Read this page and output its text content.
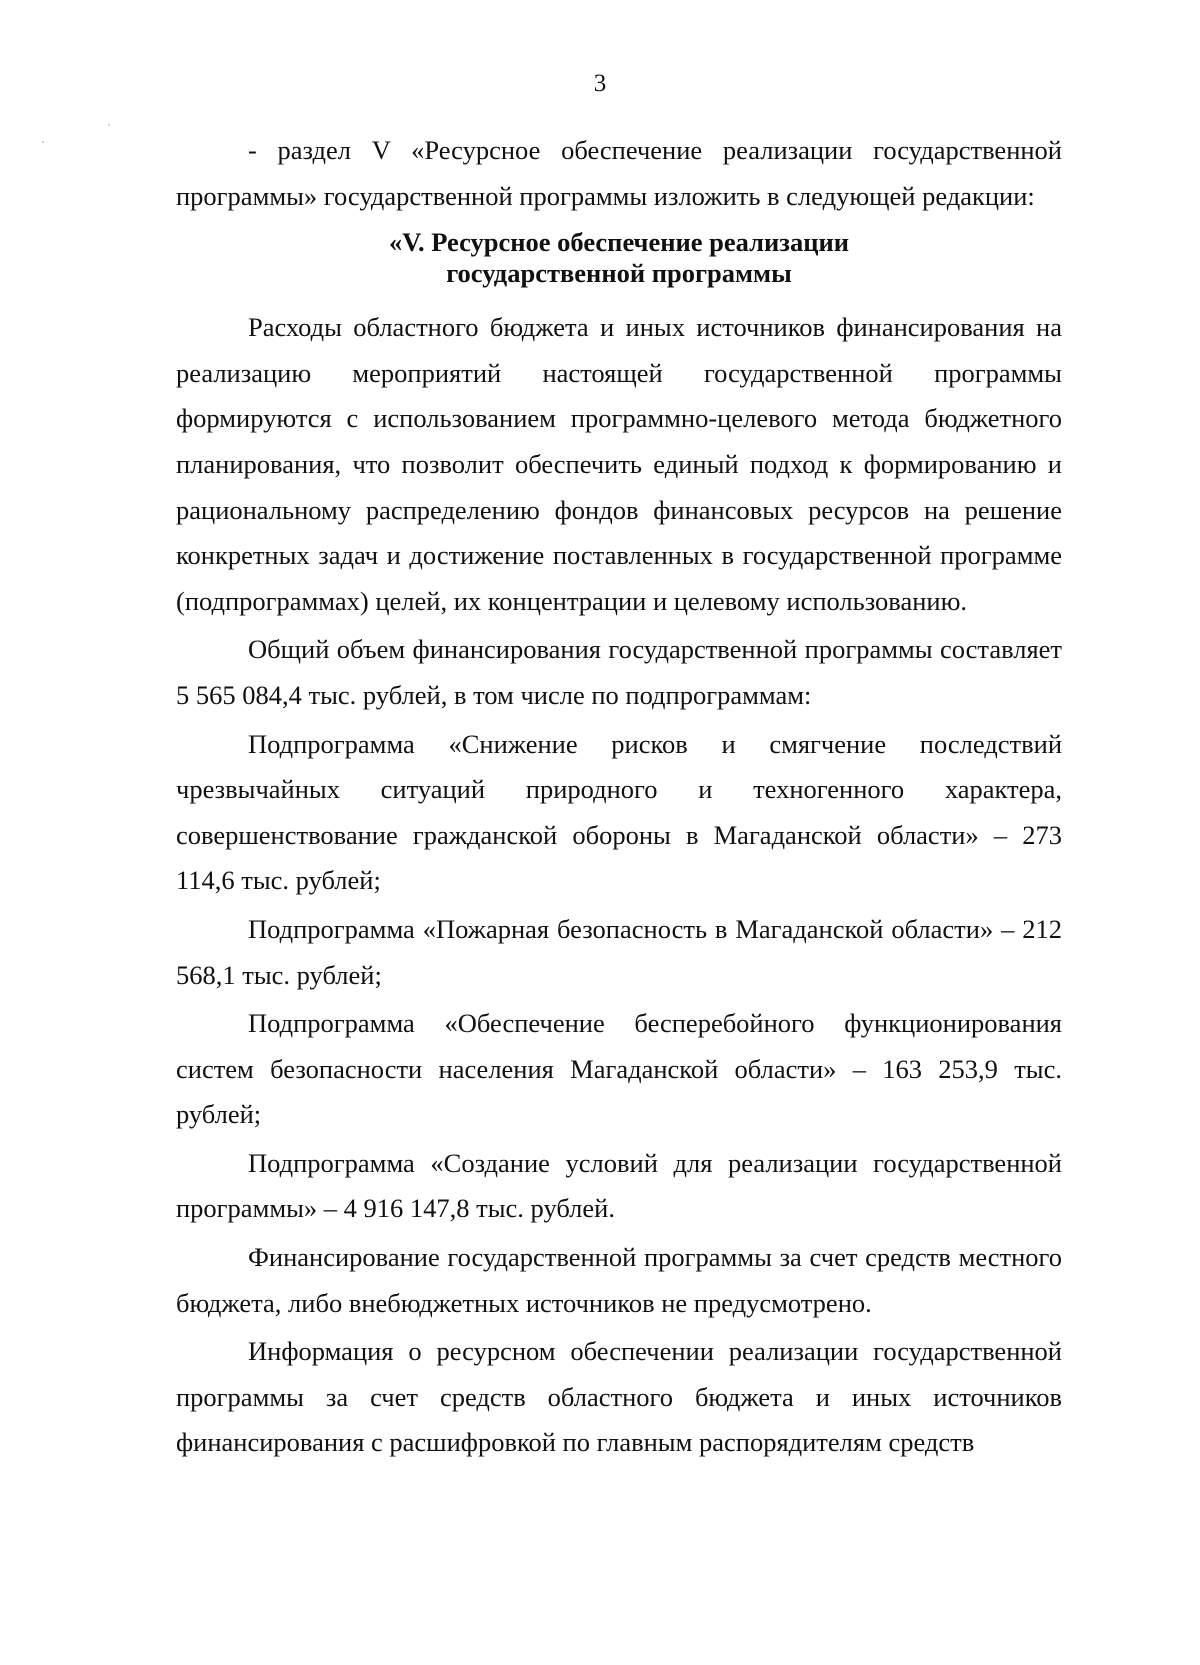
3

- раздел V «Ресурсное обеспечение реализации государственной программы» государственной программы изложить в следующей редакции:

«V. Ресурсное обеспечение реализации
государственной программы

Расходы областного бюджета и иных источников финансирования на реализацию мероприятий настоящей государственной программы формируются с использованием программно-целевого метода бюджетного планирования, что позволит обеспечить единый подход к формированию и рациональному распределению фондов финансовых ресурсов на решение конкретных задач и достижение поставленных в государственной программе (подпрограммах) целей, их концентрации и целевому использованию.

Общий объем финансирования государственной программы составляет 5 565 084,4 тыс. рублей, в том числе по подпрограммам:

Подпрограмма «Снижение рисков и смягчение последствий чрезвычайных ситуаций природного и техногенного характера, совершенствование гражданской обороны в Магаданской области» – 273 114,6 тыс. рублей;

Подпрограмма «Пожарная безопасность в Магаданской области» – 212 568,1 тыс. рублей;

Подпрограмма «Обеспечение бесперебойного функционирования систем безопасности населения Магаданской области» – 163 253,9 тыс. рублей;

Подпрограмма «Создание условий для реализации государственной программы» – 4 916 147,8 тыс. рублей.

Финансирование государственной программы за счет средств местного бюджета, либо внебюджетных источников не предусмотрено.

Информация о ресурсном обеспечении реализации государственной программы за счет средств областного бюджета и иных источников финансирования с расшифровкой по главным распорядителям средств
